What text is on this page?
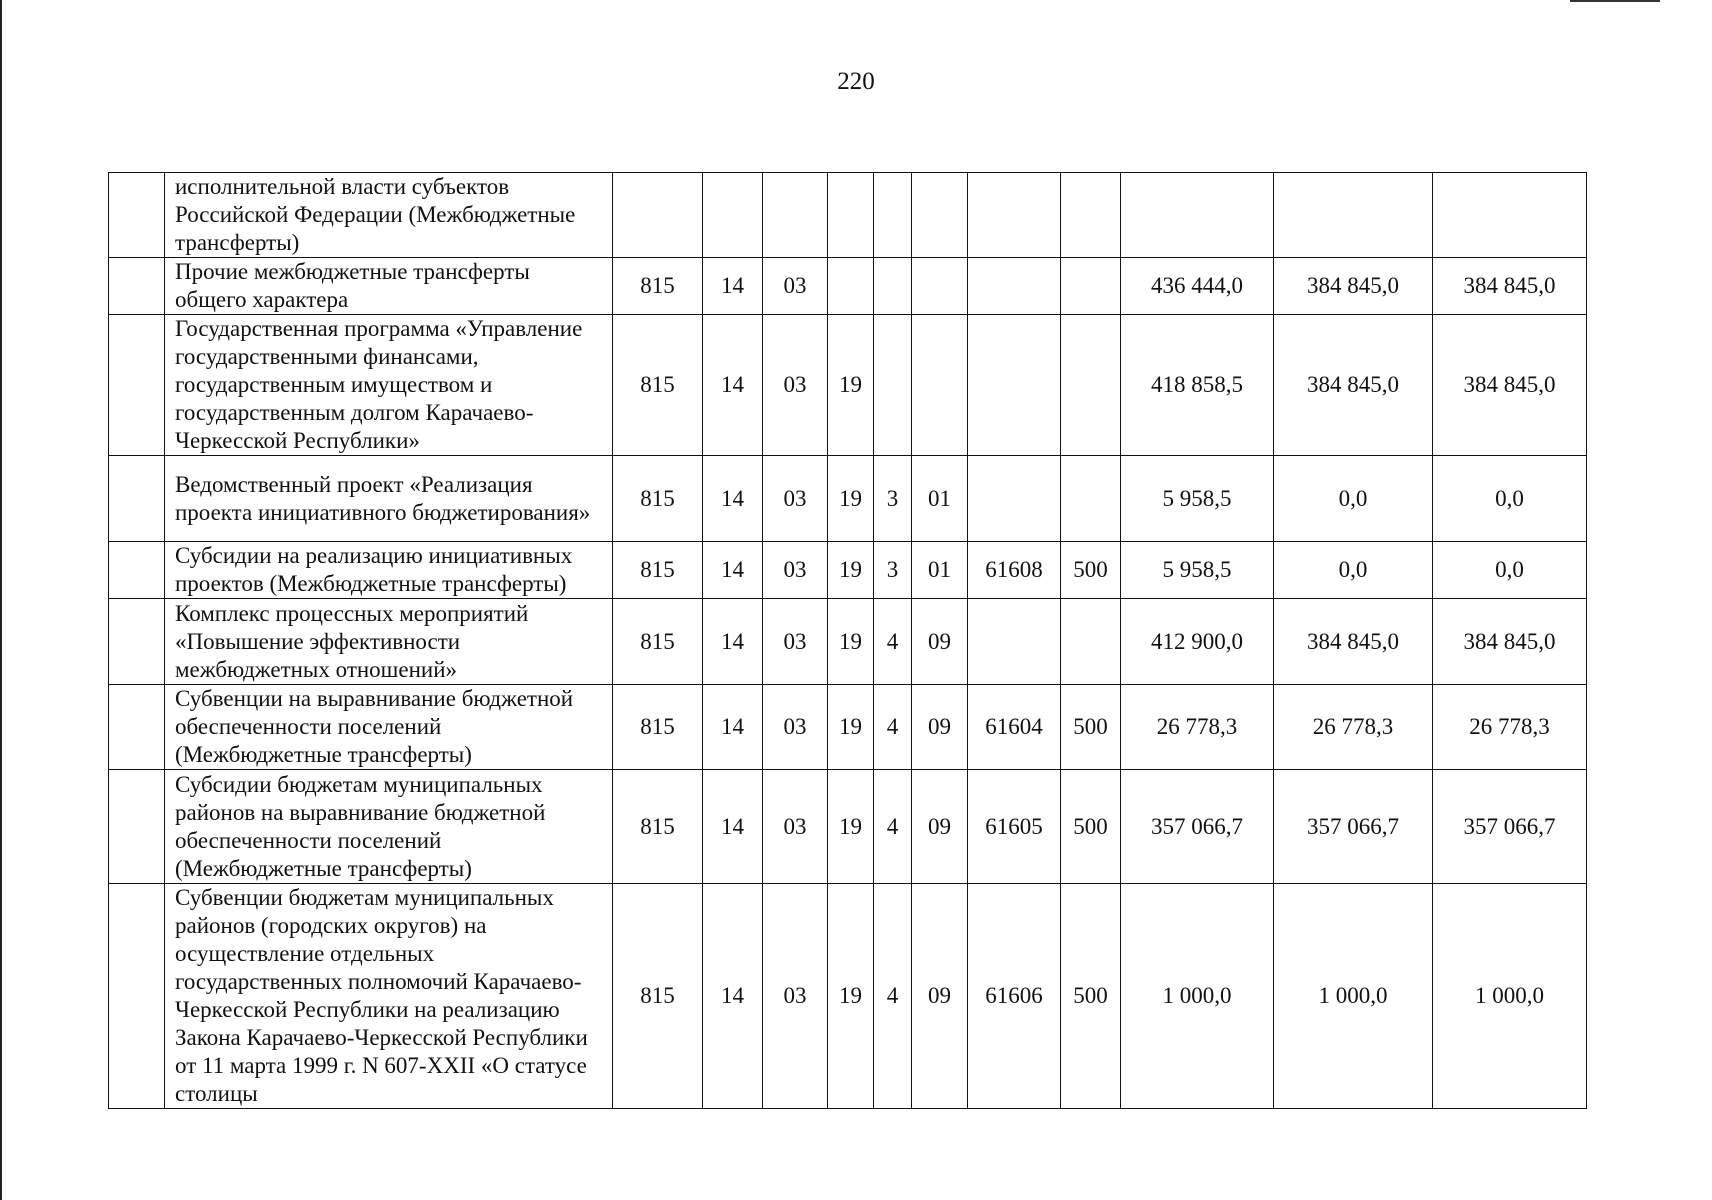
220
	исполнительной власти субъектов Российской Федерации (Межбюджетные трансферты)											
	Прочие межбюджетные трансферты общего характера	815	14	03						436 444,0	384 845,0	384 845,0
	Государственная программа «Управление государственными финансами, государственным имуществом и государственным долгом Карачаево-Черкесской Республики»	815	14	03	19					418 858,5	384 845,0	384 845,0
	Ведомственный проект «Реализация проекта инициативного бюджетирования»	815	14	03	19	3	01			5 958,5	0,0	0,0
	Субсидии на реализацию инициативных проектов (Межбюджетные трансферты)	815	14	03	19	3	01	61608	500	5 958,5	0,0	0,0
	Комплекс процессных мероприятий «Повышение эффективности межбюджетных отношений»	815	14	03	19	4	09			412 900,0	384 845,0	384 845,0
	Субвенции на выравнивание бюджетной обеспеченности поселений (Межбюджетные трансферты)	815	14	03	19	4	09	61604	500	26 778,3	26 778,3	26 778,3
	Субсидии бюджетам муниципальных районов на выравнивание бюджетной обеспеченности поселений (Межбюджетные трансферты)	815	14	03	19	4	09	61605	500	357 066,7	357 066,7	357 066,7
	Субвенции бюджетам муниципальных районов (городских округов) на осуществление отдельных государственных полномочий Карачаево-Черкесской Республики на реализацию Закона Карачаево-Черкесской Республики от 11 марта 1999 г. N 607-XXII «О статусе столицы	815	14	03	19	4	09	61606	500	1 000,0	1 000,0	1 000,0
